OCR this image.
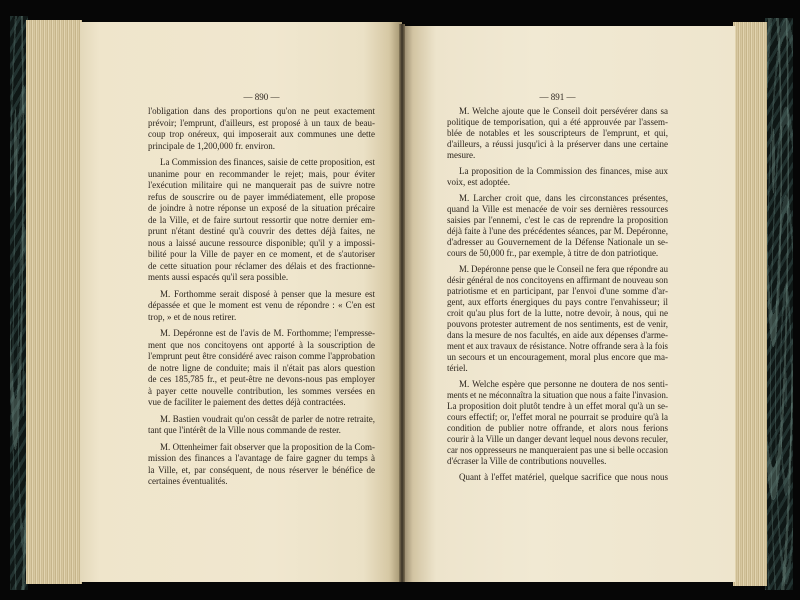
— 890 —
l'obligation dans des proportions qu'on ne peut exactement
prévoir; l'emprunt, d'ailleurs, est proposé à un taux de beau-
coup trop onéreux, qui imposerait aux communes une dette
principale de 1,200,000 fr. environ.
La Commission des finances, saisie de cette proposition, est
unanime pour en recommander le rejet; mais, pour éviter
l'exécution militaire qui ne manquerait pas de suivre notre
refus de souscrire ou de payer immédiatement, elle propose
de joindre à notre réponse un exposé de la situation précaire
de la Ville, et de faire surtout ressortir que notre dernier em-
prunt n'étant destiné qu'à couvrir des dettes déjà faites, ne
nous a laissé aucune ressource disponible; qu'il y a impossi-
bilité pour la Ville de payer en ce moment, et de s'autoriser
de cette situation pour réclamer des délais et des fractionne-
ments aussi espacés qu'il sera possible.
M. Forthomme serait disposé à penser que la mesure est
dépassée et que le moment est venu de répondre : « C'en est
trop, » et de nous retirer.
M. Depéronne est de l'avis de M. Forthomme; l'empresse-
ment que nos concitoyens ont apporté à la souscription de
l'emprunt peut être considéré avec raison comme l'approbation
de notre ligne de conduite; mais il n'était pas alors question
de ces 185,785 fr., et peut-être ne devons-nous pas employer
à payer cette nouvelle contribution, les sommes versées en
vue de faciliter le paiement des dettes déjà contractées.
M. Bastien voudrait qu'on cessât de parler de notre retraite,
tant que l'intérêt de la Ville nous commande de rester.
M. Ottenheimer fait observer que la proposition de la Com-
mission des finances a l'avantage de faire gagner du temps à
la Ville, et, par conséquent, de nous réserver le bénéfice de
certaines éventualités.
— 891 —
M. Welche ajoute que le Conseil doit persévérer dans sa
politique de temporisation, qui a été approuvée par l'assem-
blée de notables et les souscripteurs de l'emprunt, et qui,
d'ailleurs, a réussi jusqu'ici à la préserver dans une certaine
mesure.
La proposition de la Commission des finances, mise aux
voix, est adoptée.
M. Larcher croit que, dans les circonstances présentes,
quand la Ville est menacée de voir ses dernières ressources
saisies par l'ennemi, c'est le cas de reprendre la proposition
déjà faite à l'une des précédentes séances, par M. Depéronne,
d'adresser au Gouvernement de la Défense Nationale un se-
cours de 50,000 fr., par exemple, à titre de don patriotique.
M. Depéronne pense que le Conseil ne fera que répondre au
désir général de nos concitoyens en affirmant de nouveau son
patriotisme et en participant, par l'envoi d'une somme d'ar-
gent, aux efforts énergiques du pays contre l'envahisseur; il
croit qu'au plus fort de la lutte, notre devoir, à nous, qui ne
pouvons protester autrement de nos sentiments, est de venir,
dans la mesure de nos facultés, en aide aux dépenses d'arme-
ment et aux travaux de résistance. Notre offrande sera à la fois
un secours et un encouragement, moral plus encore que ma-
tériel.
M. Welche espère que personne ne doutera de nos senti-
ments et ne méconnaîtra la situation que nous a faite l'invasion.
La proposition doit plutôt tendre à un effet moral qu'à un se-
cours effectif; or, l'effet moral ne pourrait se produire qu'à la
condition de publier notre offrande, et alors nous ferions
courir à la Ville un danger devant lequel nous devons reculer,
car nos oppresseurs ne manqueraient pas une si belle occasion
d'écraser la Ville de contributions nouvelles.
Quant à l'effet matériel, quelque sacrifice que nous nous
